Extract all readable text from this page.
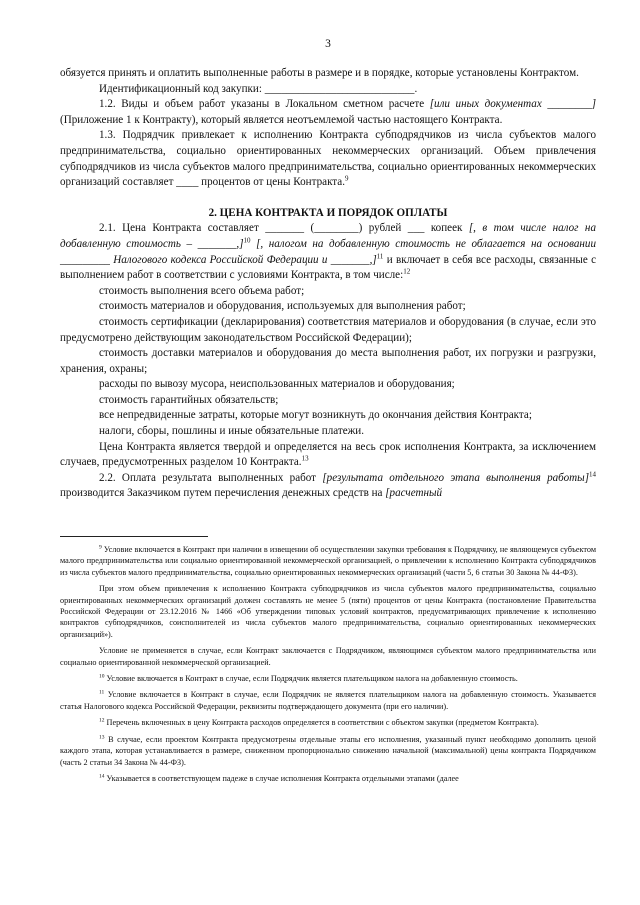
3

обязуется принять и оплатить выполненные работы в размере и в порядке, которые установлены Контрактом.

Идентификационный код закупки: ___________________________.

1.2. Виды и объем работ указаны в Локальном сметном расчете [или иных документах ________] (Приложение 1 к Контракту), который является неотъемлемой частью настоящего Контракта.

1.3. Подрядчик привлекает к исполнению Контракта субподрядчиков из числа субъектов малого предпринимательства, социально ориентированных некоммерческих организаций. Объем привлечения субподрядчиков из числа субъектов малого предпринимательства, социально ориентированных некоммерческих организаций составляет ____ процентов от цены Контракта.$^9$

2. ЦЕНА КОНТРАКТА И ПОРЯДОК ОПЛАТЫ

2.1. Цена Контракта составляет _______ (________) рублей ___ копеек [, в том числе налог на добавленную стоимость – _______,]$^{10}$ [, налогом на добавленную стоимость не облагается на основании _________ Налогового кодекса Российской Федерации и _______,]$^{11}$ и включает в себя все расходы, связанные с выполнением работ в соответствии с условиями Контракта, в том числе:$^{12}$

стоимость выполнения всего объема работ;

стоимость материалов и оборудования, используемых для выполнения работ;

стоимость сертификации (декларирования) соответствия материалов и оборудования (в случае, если это предусмотрено действующим законодательством Российской Федерации);

стоимость доставки материалов и оборудования до места выполнения работ, их погрузки и разгрузки, хранения, охраны;

расходы по вывозу мусора, неиспользованных материалов и оборудования;

стоимость гарантийных обязательств;

все непредвиденные затраты, которые могут возникнуть до окончания действия Контракта;

налоги, сборы, пошлины и иные обязательные платежи.

Цена Контракта является твердой и определяется на весь срок исполнения Контракта, за исключением случаев, предусмотренных разделом 10 Контракта.$^{13}$

2.2. Оплата результата выполненных работ [результата отдельного этапа выполнения работы]$^{14}$ производится Заказчиком путем перечисления денежных средств на [расчетный

$^9$ Условие включается в Контракт при наличии в извещении об осуществлении закупки требования к Подрядчику, не являющемуся субъектом малого предпринимательства или социально ориентированной некоммерческой организацией, о привлечении к исполнению Контракта субподрядчиков из числа субъектов малого предпринимательства, социально ориентированных некоммерческих организаций (части 5, 6 статьи 30 Закона № 44-ФЗ).

При этом объем привлечения к исполнению Контракта субподрядчиков из числа субъектов малого предпринимательства, социально ориентированных некоммерческих организаций должен составлять не менее 5 (пяти) процентов от цены Контракта (постановление Правительства Российской Федерации от 23.12.2016 № 1466 «Об утверждении типовых условий контрактов, предусматривающих привлечение к исполнению контрактов субподрядчиков, соисполнителей из числа субъектов малого предпринимательства, социально ориентированных некоммерческих организаций»).

Условие не применяется в случае, если Контракт заключается с Подрядчиком, являющимся субъектом малого предпринимательства или социально ориентированной некоммерческой организацией.

$^{10}$ Условие включается в Контракт в случае, если Подрядчик является плательщиком налога на добавленную стоимость.

$^{11}$ Условие включается в Контракт в случае, если Подрядчик не является плательщиком налога на добавленную стоимость. Указывается статья Налогового кодекса Российской Федерации, реквизиты подтверждающего документа (при его наличии).

$^{12}$ Перечень включенных в цену Контракта расходов определяется в соответствии с объектом закупки (предметом Контракта).

$^{13}$ В случае, если проектом Контракта предусмотрены отдельные этапы его исполнения, указанный пункт необходимо дополнить ценой каждого этапа, которая устанавливается в размере, сниженном пропорционально снижению начальной (максимальной) цены контракта Подрядчиком (часть 2 статьи 34 Закона № 44-ФЗ).

$^{14}$ Указывается в соответствующем падеже в случае исполнения Контракта отдельными этапами (далее
